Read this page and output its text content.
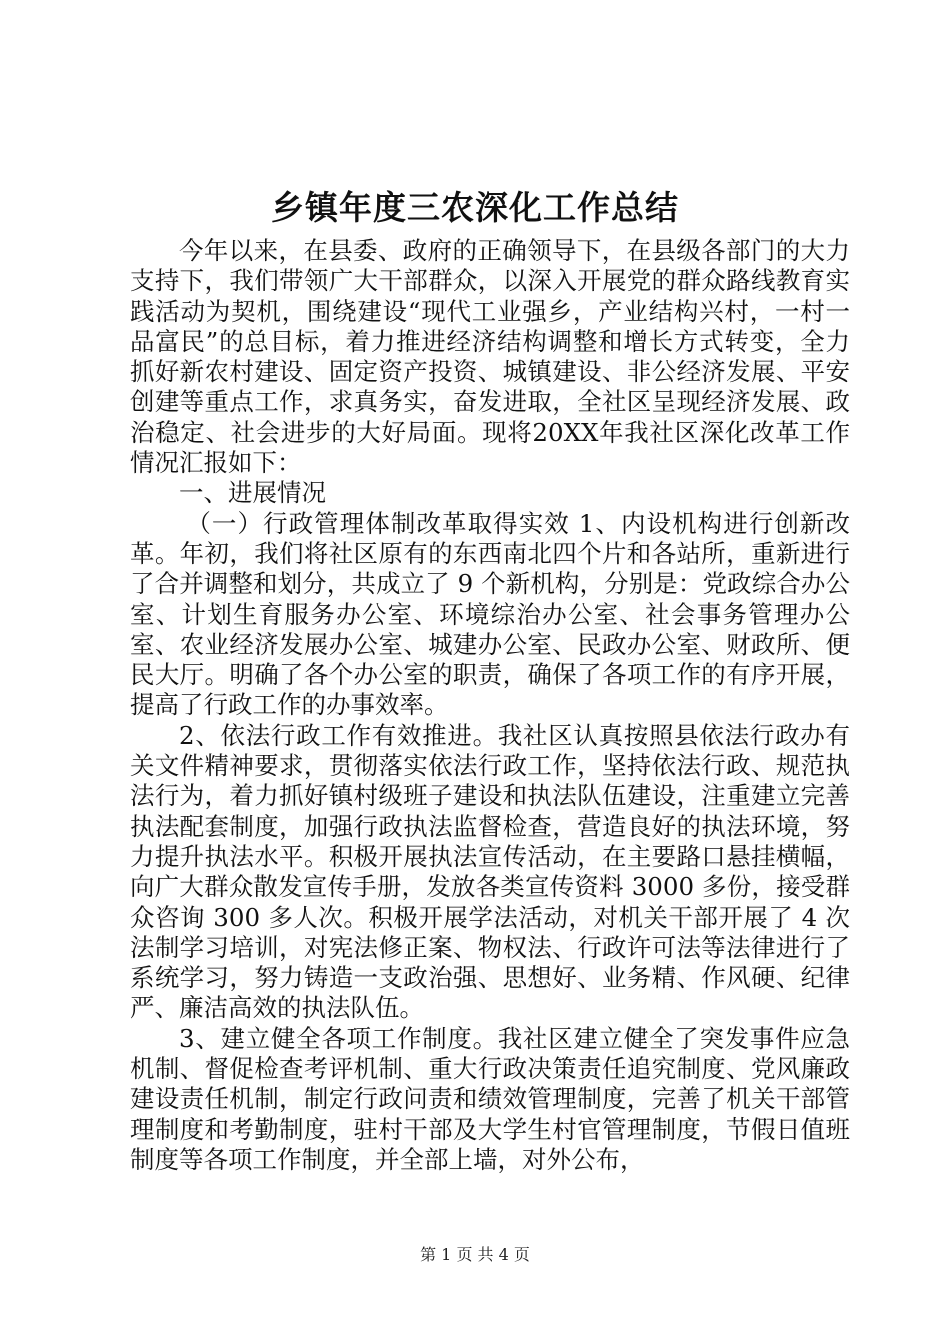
乡镇年度三农深化工作总结

今年以来，在县委、政府的正确领导下，在县级各部门的大力支持下，我们带领广大干部群众，以深入开展党的群众路线教育实践活动为契机，围绕建设“现代工业强乡，产业结构兴村，一村一品富民”的总目标，着力推进经济结构调整和增长方式转变，全力抓好新农村建设、固定资产投资、城镇建设、非公经济发展、平安创建等重点工作，求真务实，奋发进取，全社区呈现经济发展、政治稳定、社会进步的大好局面。现将20XX年我社区深化改革工作情况汇报如下：

一、进展情况

（一）行政管理体制改革取得实效 1、内设机构进行创新改革。年初，我们将社区原有的东西南北四个片和各站所，重新进行了合并调整和划分，共成立了 9 个新机构，分别是：党政综合办公室、计划生育服务办公室、环境综治办公室、社会事务管理办公室、农业经济发展办公室、城建办公室、民政办公室、财政所、便民大厅。明确了各个办公室的职责，确保了各项工作的有序开展，提高了行政工作的办事效率。

2、依法行政工作有效推进。我社区认真按照县依法行政办有关文件精神要求，贯彻落实依法行政工作，坚持依法行政、规范执法行为，着力抓好镇村级班子建设和执法队伍建设，注重建立完善执法配套制度，加强行政执法监督检查，营造良好的执法环境，努力提升执法水平。积极开展执法宣传活动，在主要路口悬挂横幅，向广大群众散发宣传手册，发放各类宣传资料 3000 多份，接受群众咨询 300 多人次。积极开展学法活动，对机关干部开展了 4 次法制学习培训，对宪法修正案、物权法、行政许可法等法律进行了系统学习，努力铸造一支政治强、思想好、业务精、作风硬、纪律严、廉洁高效的执法队伍。

3、建立健全各项工作制度。我社区建立健全了突发事件应急机制、督促检查考评机制、重大行政决策责任追究制度、党风廉政建设责任机制，制定行政问责和绩效管理制度，完善了机关干部管理制度和考勤制度，驻村干部及大学生村官管理制度，节假日值班制度等各项工作制度，并全部上墙，对外公布，

第 1 页 共 4 页
